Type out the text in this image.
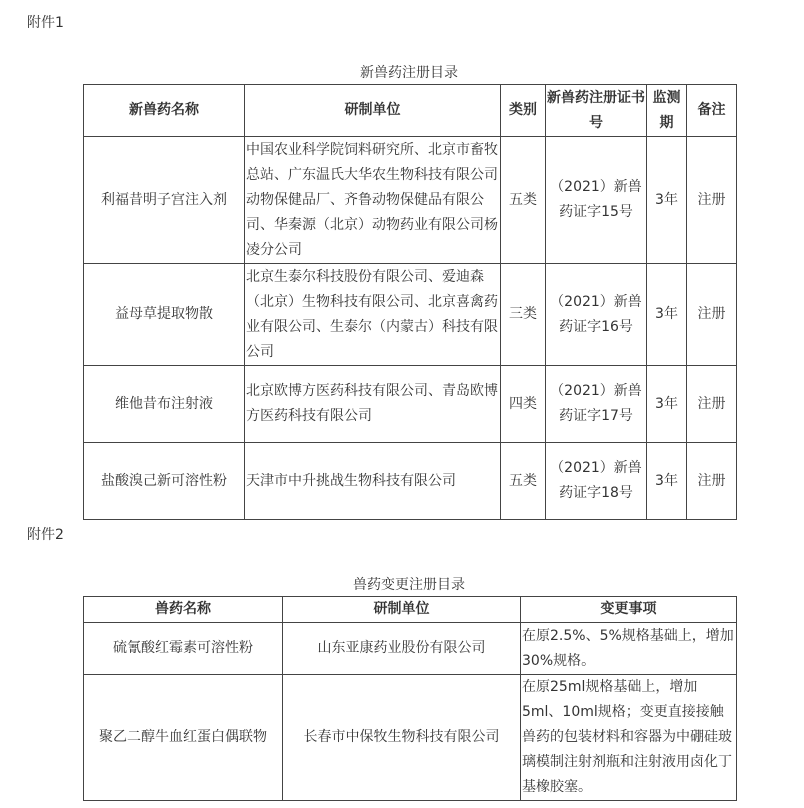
附件1
新兽药注册目录
新兽药名称	研制单位	类别	新兽药注册证书号	监测期	备注
利福昔明子宫注入剂	中国农业科学院饲料研究所、北京市畜牧总站、广东温氏大华农生物科技有限公司动物保健品厂、齐鲁动物保健品有限公司、华秦源（北京）动物药业有限公司杨凌分公司	五类	（2021）新兽药证字15号	3年	注册
益母草提取物散	北京生泰尔科技股份有限公司、爱迪森（北京）生物科技有限公司、北京喜禽药业有限公司、生泰尔（内蒙古）科技有限公司	三类	（2021）新兽药证字16号	3年	注册
维他昔布注射液	北京欧博方医药科技有限公司、青岛欧博方医药科技有限公司	四类	（2021）新兽药证字17号	3年	注册
盐酸溴己新可溶性粉	天津市中升挑战生物科技有限公司	五类	（2021）新兽药证字18号	3年	注册
附件2
兽药变更注册目录
兽药名称	研制单位	变更事项
硫氰酸红霉素可溶性粉	山东亚康药业股份有限公司	在原2.5%、5%规格基础上，增加30%规格。
聚乙二醇牛血红蛋白偶联物	长春市中保牧生物科技有限公司	在原25ml规格基础上，增加5ml、10ml规格；变更直接接触兽药的包装材料和容器为中硼硅玻璃模制注射剂瓶和注射液用卤化丁基橡胶塞。
